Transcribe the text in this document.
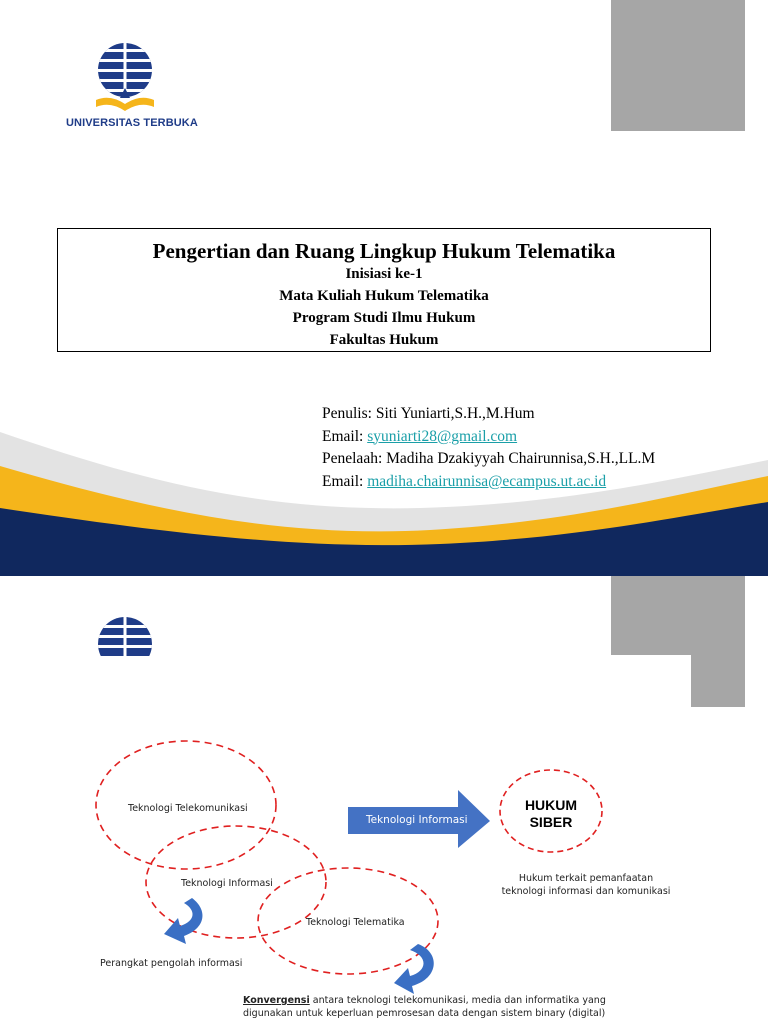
UNIVERSITAS TERBUKA
Pengertian dan Ruang Lingkup Hukum Telematika
Inisiasi ke-1
Mata Kuliah Hukum Telematika
Program Studi Ilmu Hukum
Fakultas Hukum
Penulis: Siti Yuniarti,S.H.,M.Hum
Email: syuniarti28@gmail.com
Penelaah: Madiha Dzakiyyah Chairunnisa,S.H.,LL.M
Email: madiha.chairunnisa@ecampus.ut.ac.id
Teknologi Telekomunikasi
Teknologi Informasi
Teknologi Telematika
Teknologi Informasi
HUKUM
SIBER
Hukum terkait pemanfaatan
teknologi informasi dan komunikasi
Perangkat pengolah informasi
Konvergensi antara teknologi telekomunikasi, media dan informatika yang
digunakan untuk keperluan pemrosesan data dengan sistem binary (digital)
